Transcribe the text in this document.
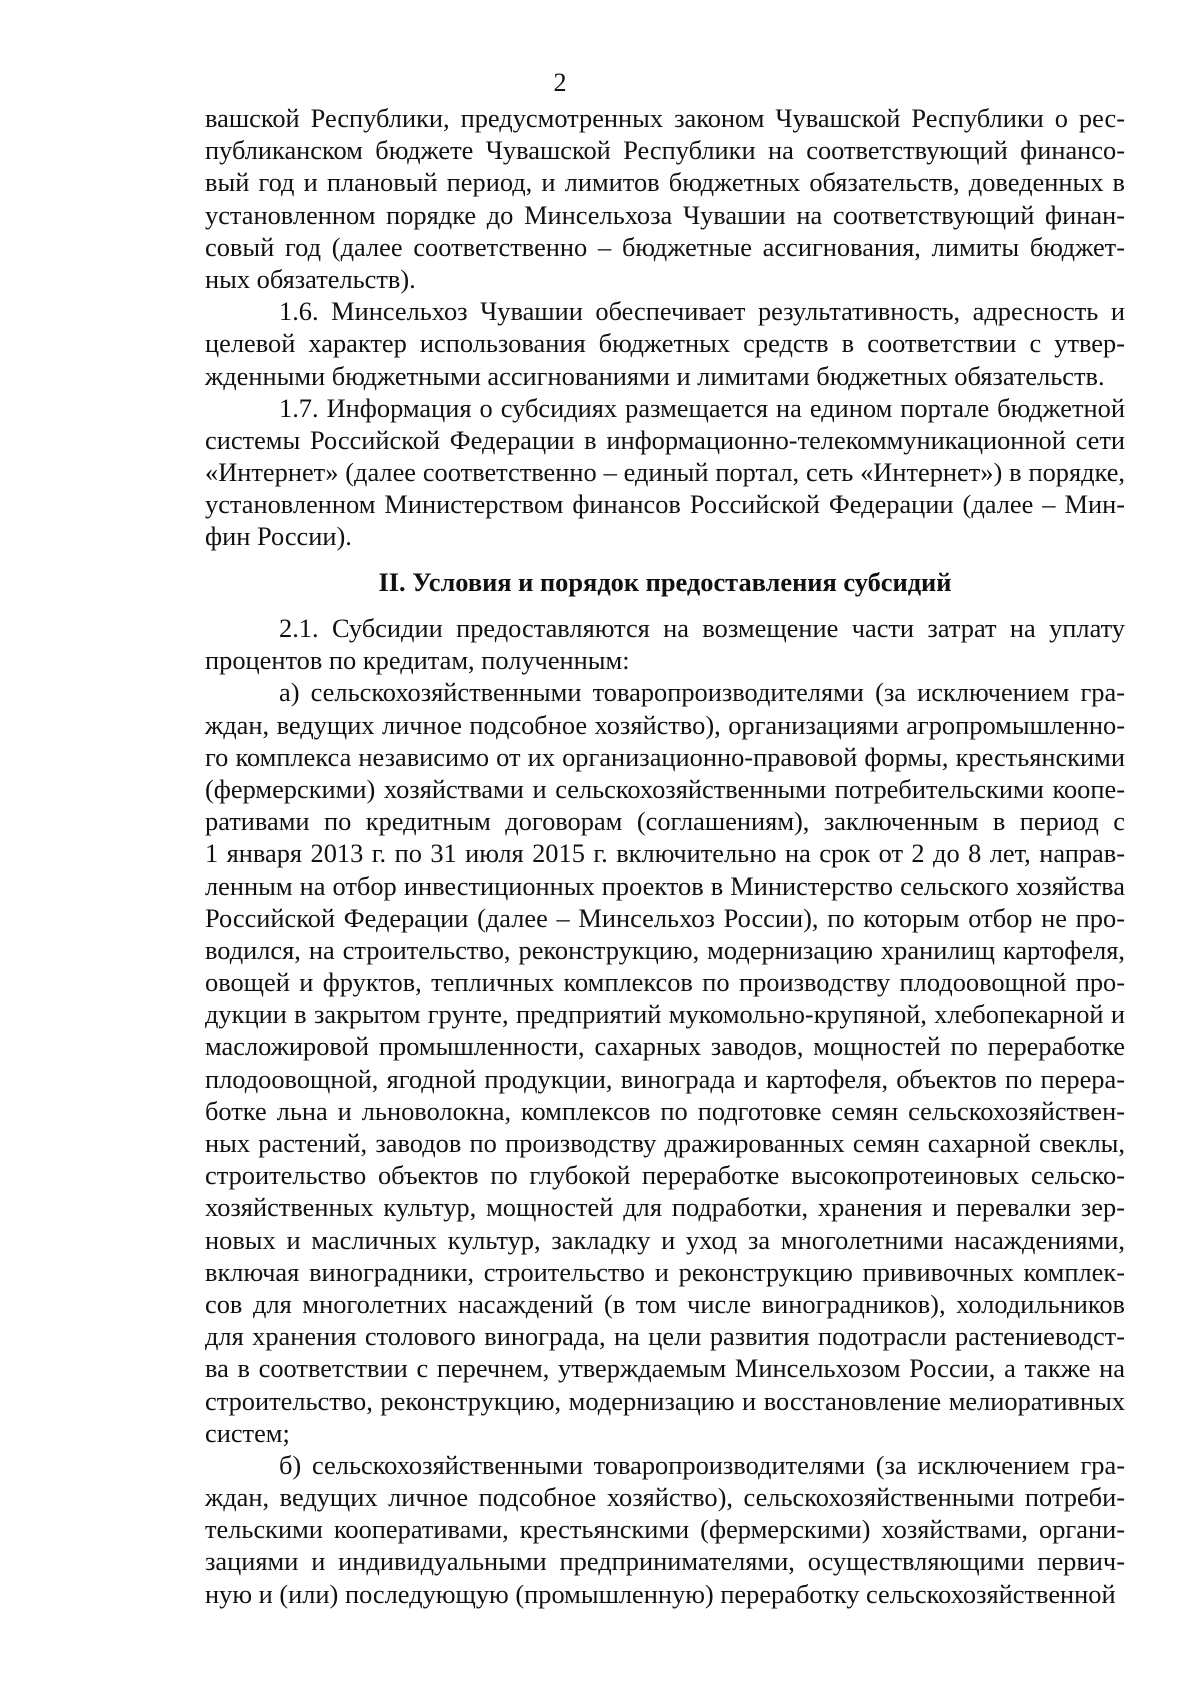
2
вашской Республики, предусмотренных законом Чувашской Республики о рес-
публиканском бюджете Чувашской Республики на соответствующий финансо-
вый год и плановый период, и лимитов бюджетных обязательств, доведенных в
установленном порядке до Минсельхоза Чувашии на соответствующий финан-
совый год (далее соответственно – бюджетные ассигнования, лимиты бюджет-
ных обязательств).
1.6. Минсельхоз Чувашии обеспечивает результативность, адресность и
целевой характер использования бюджетных средств в соответствии с утвер-
жденными бюджетными ассигнованиями и лимитами бюджетных обязательств.
1.7. Информация о субсидиях размещается на едином портале бюджетной
системы Российской Федерации в информационно-телекоммуникационной сети
«Интернет» (далее соответственно – единый портал, сеть «Интернет») в порядке,
установленном Министерством финансов Российской Федерации (далее – Мин-
фин России).
II. Условия и порядок предоставления субсидий
2.1. Субсидии предоставляются на возмещение части затрат на уплату
процентов по кредитам, полученным:
а) сельскохозяйственными товаропроизводителями (за исключением гра-
ждан, ведущих личное подсобное хозяйство), организациями агропромышленно-
го комплекса независимо от их организационно-правовой формы, крестьянскими
(фермерскими) хозяйствами и сельскохозяйственными потребительскими коопе-
ративами по кредитным договорам (соглашениям), заключенным в период с
1 января 2013 г. по 31 июля 2015 г. включительно на срок от 2 до 8 лет, направ-
ленным на отбор инвестиционных проектов в Министерство сельского хозяйства
Российской Федерации (далее – Минсельхоз России), по которым отбор не про-
водился, на строительство, реконструкцию, модернизацию хранилищ картофеля,
овощей и фруктов, тепличных комплексов по производству плодоовощной про-
дукции в закрытом грунте, предприятий мукомольно-крупяной, хлебопекарной и
масложировой промышленности, сахарных заводов, мощностей по переработке
плодоовощной, ягодной продукции, винограда и картофеля, объектов по перера-
ботке льна и льноволокна, комплексов по подготовке семян сельскохозяйствен-
ных растений, заводов по производству дражированных семян сахарной свеклы,
строительство объектов по глубокой переработке высокопротеиновых сельско-
хозяйственных культур, мощностей для подработки, хранения и перевалки зер-
новых и масличных культур, закладку и уход за многолетними насаждениями,
включая виноградники, строительство и реконструкцию прививочных комплек-
сов для многолетних насаждений (в том числе виноградников), холодильников
для хранения столового винограда, на цели развития подотрасли растениеводст-
ва в соответствии с перечнем, утверждаемым Минсельхозом России, а также на
строительство, реконструкцию, модернизацию и восстановление мелиоративных
систем;
б) сельскохозяйственными товаропроизводителями (за исключением гра-
ждан, ведущих личное подсобное хозяйство), сельскохозяйственными потреби-
тельскими кооперативами, крестьянскими (фермерскими) хозяйствами, органи-
зациями и индивидуальными предпринимателями, осуществляющими первич-
ную и (или) последующую (промышленную) переработку сельскохозяйственной
